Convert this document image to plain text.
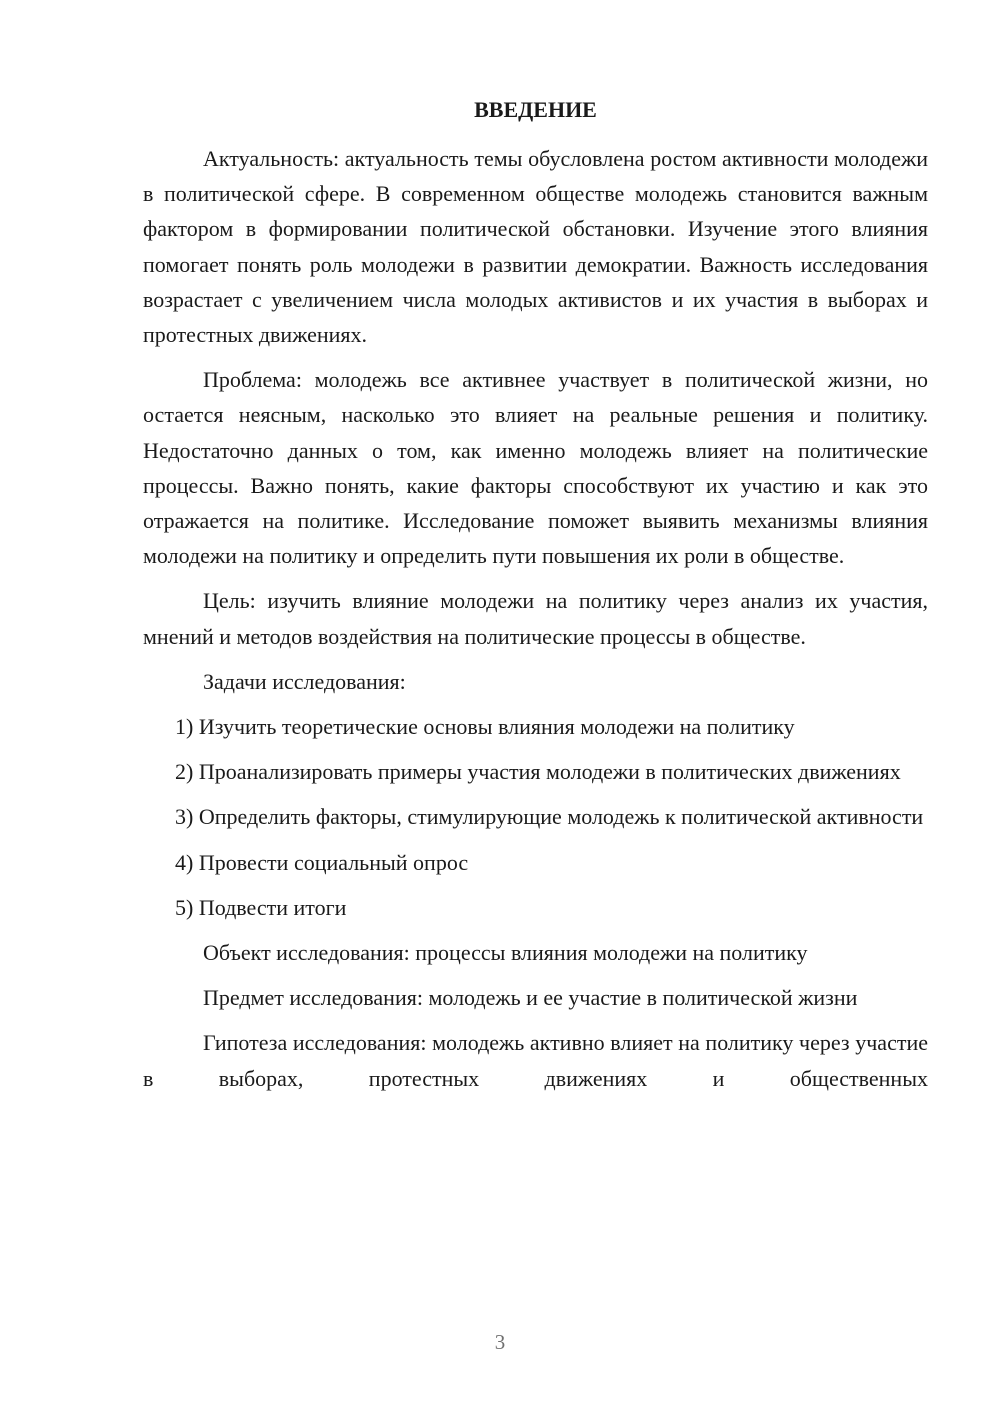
ВВЕДЕНИЕ

Актуальность: актуальность темы обусловлена ростом активности молодежи в политической сфере. В современном обществе молодежь становится важным фактором в формировании политической обстановки. Изучение этого влияния помогает понять роль молодежи в развитии демократии. Важность исследования возрастает с увеличением числа молодых активистов и их участия в выборах и протестных движениях.

Проблема: молодежь все активнее участвует в политической жизни, но остается неясным, насколько это влияет на реальные решения и политику. Недостаточно данных о том, как именно молодежь влияет на политические процессы. Важно понять, какие факторы способствуют их участию и как это отражается на политике. Исследование поможет выявить механизмы влияния молодежи на политику и определить пути повышения их роли в обществе.

Цель: изучить влияние молодежи на политику через анализ их участия, мнений и методов воздействия на политические процессы в обществе.

Задачи исследования:

1) Изучить теоретические основы влияния молодежи на политику

2) Проанализировать примеры участия молодежи в политических движениях

3) Определить факторы, стимулирующие молодежь к политической активности

4) Провести социальный опрос

5) Подвести итоги

Объект исследования: процессы влияния молодежи на политику

Предмет исследования: молодежь и ее участие в политической жизни

Гипотеза исследования: молодежь активно влияет на политику через участие в выборах, протестных движениях и общественных

3
